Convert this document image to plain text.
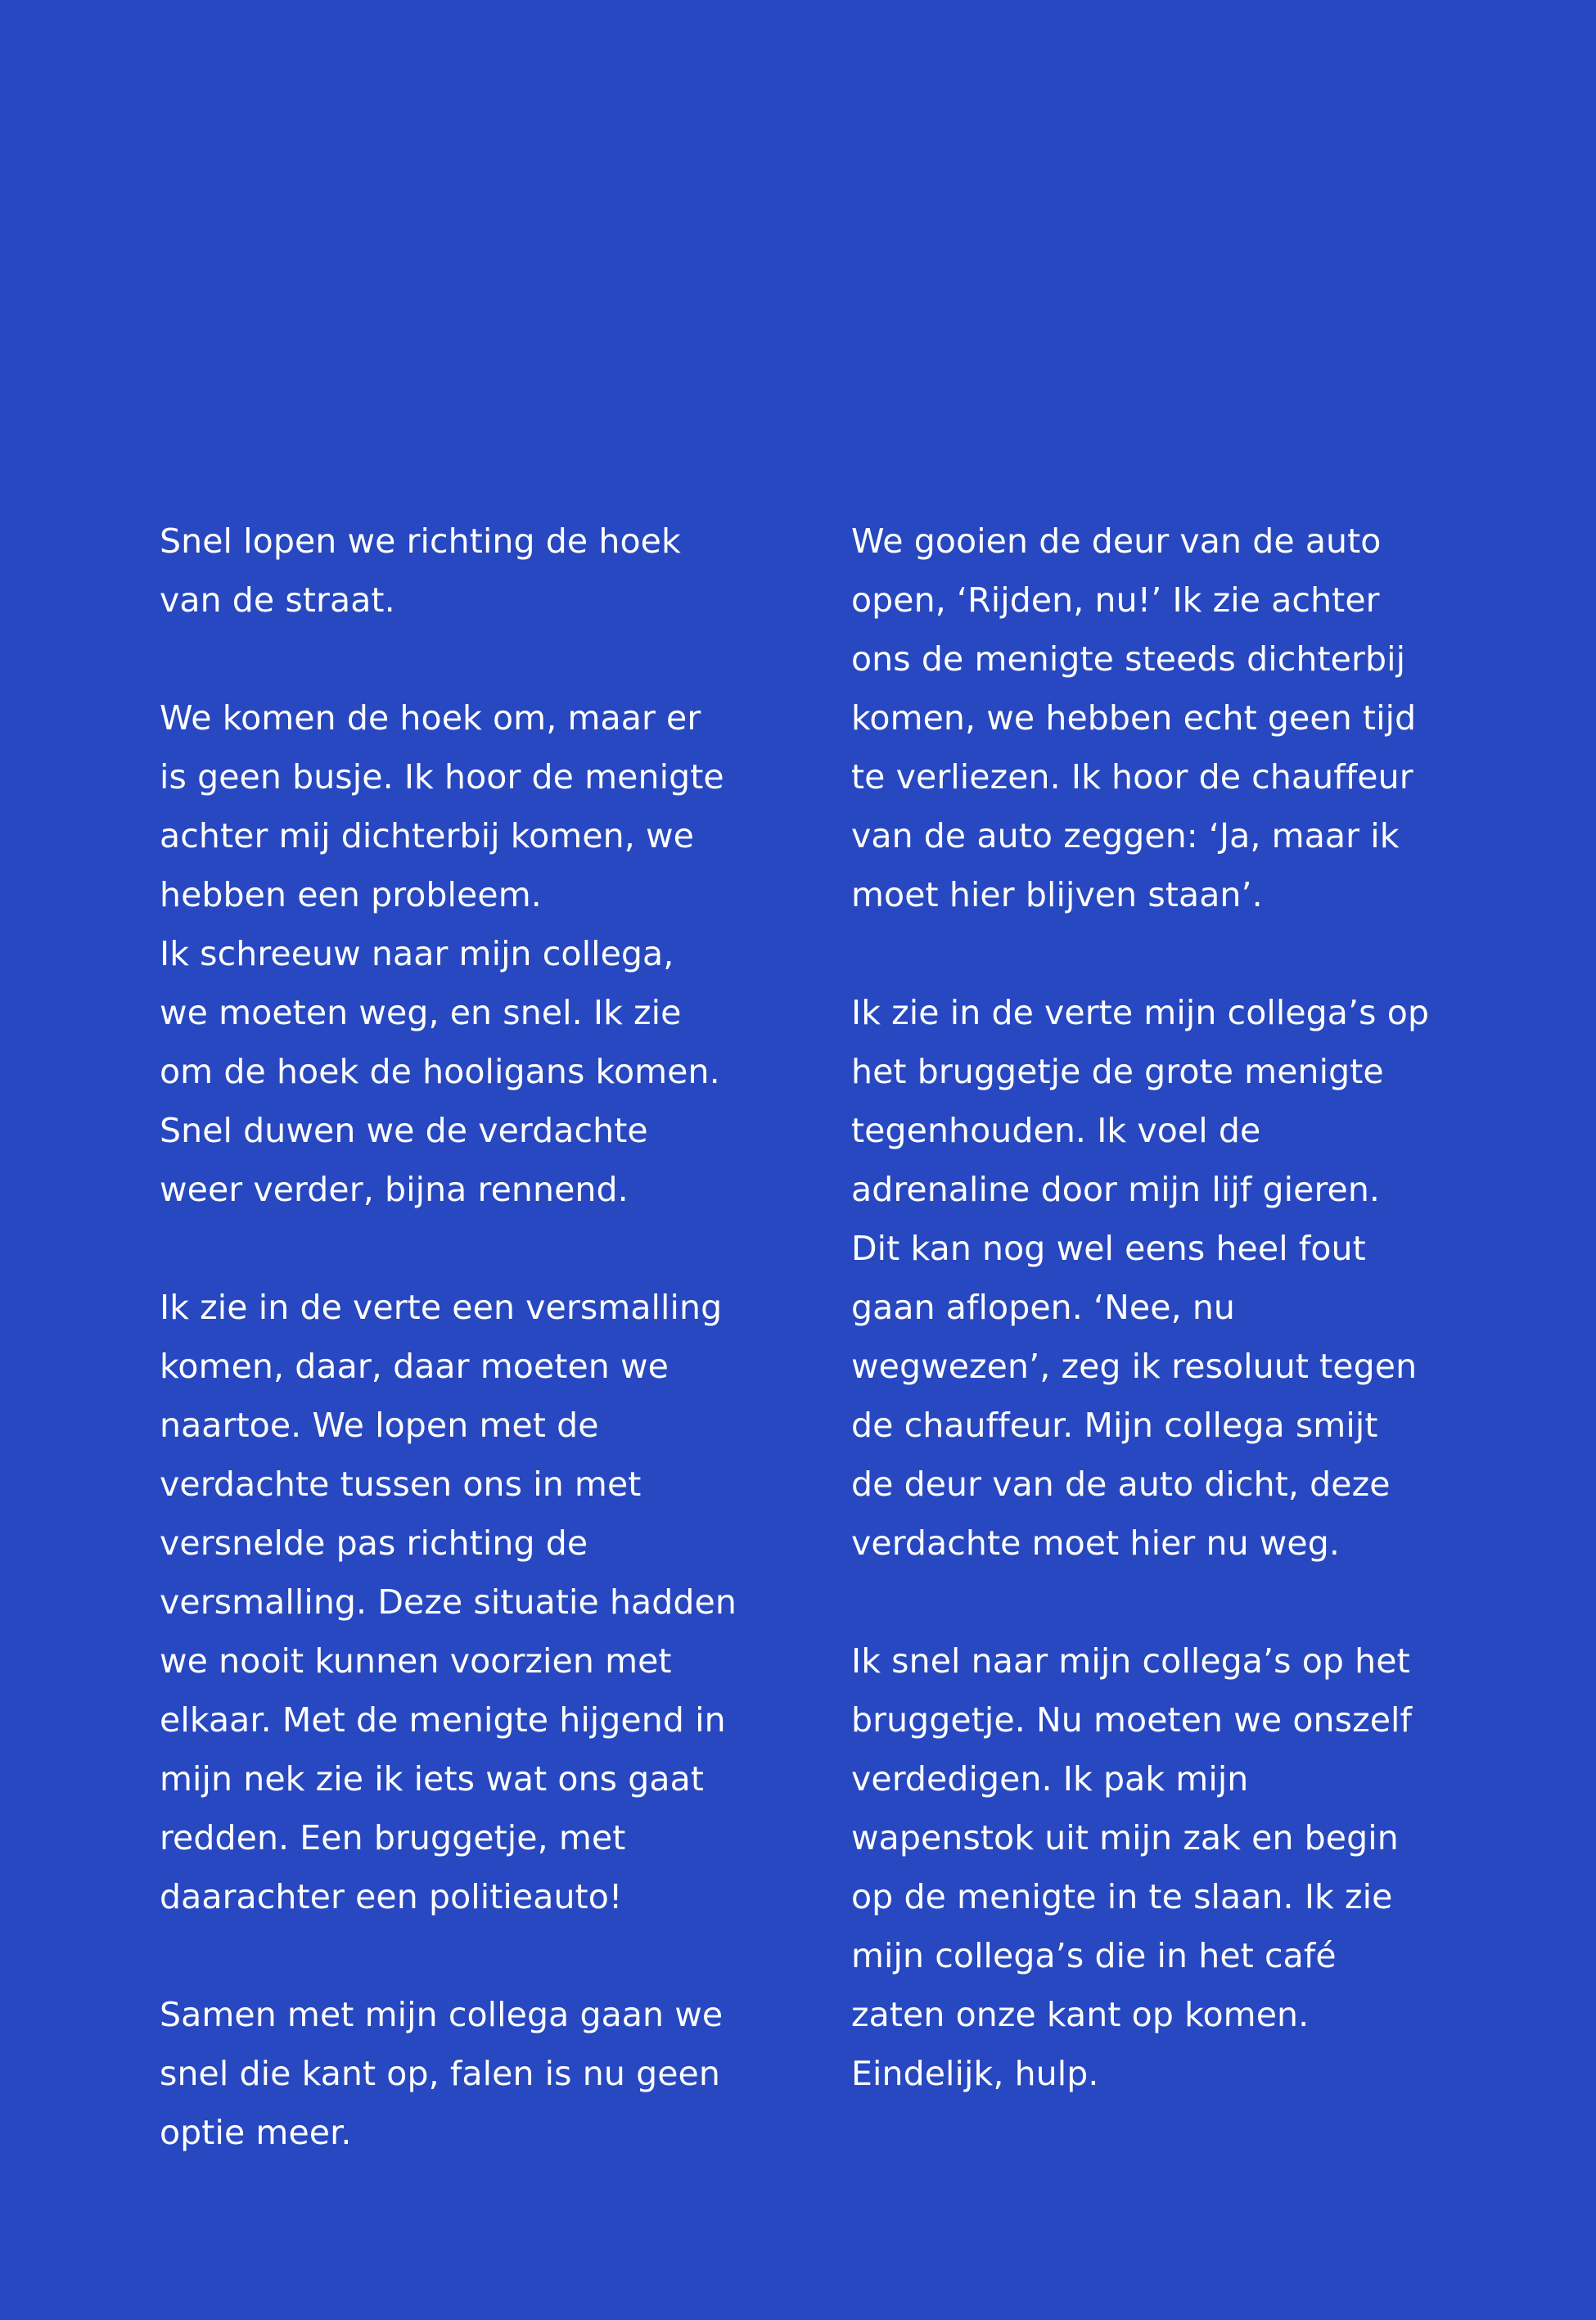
Snel lopen we richting de hoek
van de straat.
We komen de hoek om, maar er
is geen busje. Ik hoor de menigte
achter mij dichterbij komen, we
hebben een probleem.
Ik schreeuw naar mijn collega,
we moeten weg, en snel. Ik zie
om de hoek de hooligans komen.
Snel duwen we de verdachte
weer verder, bijna rennend.
Ik zie in de verte een versmalling
komen, daar, daar moeten we
naartoe. We lopen met de
verdachte tussen ons in met
versnelde pas richting de
versmalling. Deze situatie hadden
we nooit kunnen voorzien met
elkaar. Met de menigte hijgend in
mijn nek zie ik iets wat ons gaat
redden. Een bruggetje, met
daarachter een politieauto!
Samen met mijn collega gaan we
snel die kant op, falen is nu geen
optie meer.
We gooien de deur van de auto
open, ‘Rijden, nu!’ Ik zie achter
ons de menigte steeds dichterbij
komen, we hebben echt geen tijd
te verliezen. Ik hoor de chauffeur
van de auto zeggen: ‘Ja, maar ik
moet hier blijven staan’.
Ik zie in de verte mijn collega’s op
het bruggetje de grote menigte
tegenhouden. Ik voel de
adrenaline door mijn lijf gieren.
Dit kan nog wel eens heel fout
gaan aflopen. ‘Nee, nu
wegwezen’, zeg ik resoluut tegen
de chauffeur. Mijn collega smijt
de deur van de auto dicht, deze
verdachte moet hier nu weg.
Ik snel naar mijn collega’s op het
bruggetje. Nu moeten we onszelf
verdedigen. Ik pak mijn
wapenstok uit mijn zak en begin
op de menigte in te slaan. Ik zie
mijn collega’s die in het café
zaten onze kant op komen.
Eindelijk, hulp.
